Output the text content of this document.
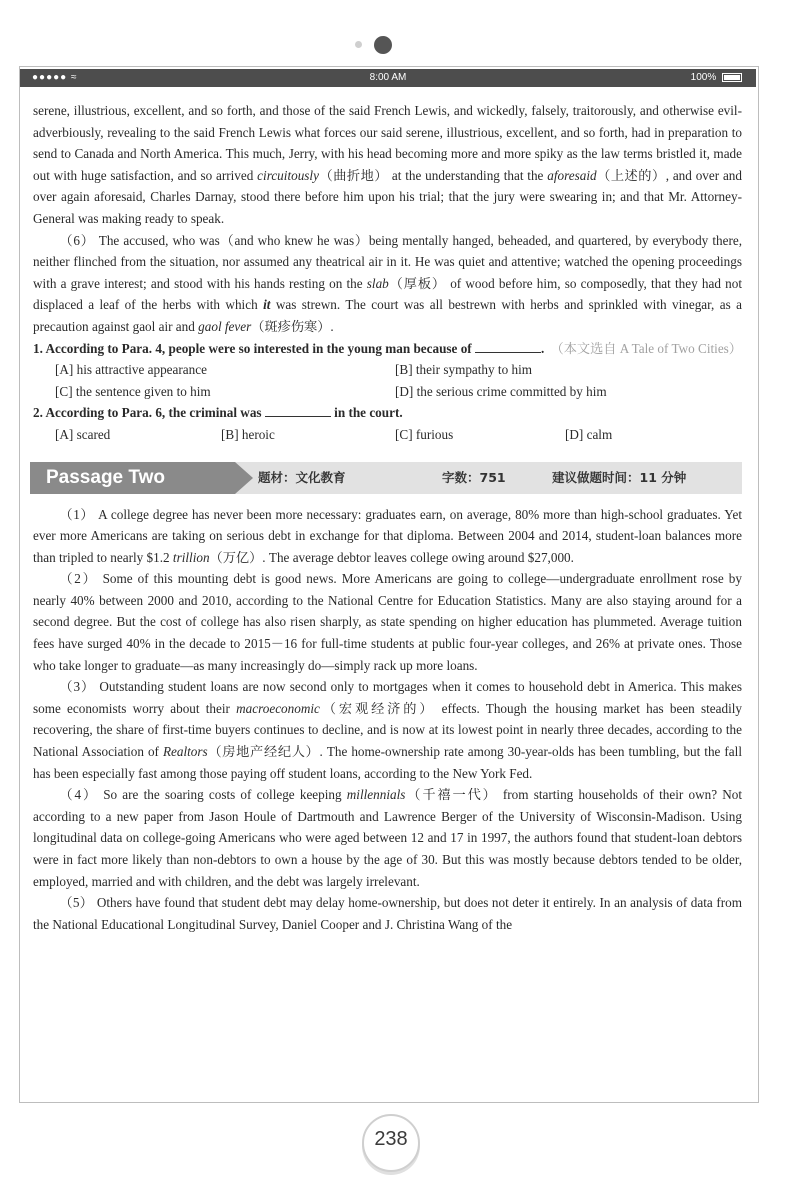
●●●●● ≈	8:00 AM	100%

serene, illustrious, excellent, and so forth, and those of the said French Lewis, and wickedly, falsely, traitorously, and otherwise evil-adverbiously, revealing to the said French Lewis what forces our said serene, illustrious, excellent, and so forth, had in preparation to send to Canada and North America. This much, Jerry, with his head becoming more and more spiky as the law terms bristled it, made out with huge satisfaction, and so arrived circuitously（曲折地） at the understanding that the aforesaid（上述的）, and over and over again aforesaid, Charles Darnay, stood there before him upon his trial; that the jury were swearing in; and that Mr. Attorney-General was making ready to speak.

（6） The accused, who was（and who knew he was）being mentally hanged, beheaded, and quartered, by everybody there, neither flinched from the situation, nor assumed any theatrical air in it. He was quiet and attentive; watched the opening proceedings with a grave interest; and stood with his hands resting on the slab（厚板） of wood before him, so composedly, that they had not displaced a leaf of the herbs with which it was strewn. The court was all bestrewn with herbs and sprinkled with vinegar, as a precaution against gaol air and gaol fever（斑疹伤寒）.

（本文选自 A Tale of Two Cities）

1. According to Para. 4, people were so interested in the young man because of	.

[A] his attractive appearance	[B] their sympathy to him
[C] the sentence given to him	[D] the serious crime committed by him

2. According to Para. 6, the criminal was	in the court.

[A] scared	[B] heroic	[C] furious	[D] calm
Passage Two	题材：文化教育	字数：751	建议做题时间：11 分钟

（1） A college degree has never been more necessary: graduates earn, on average, 80% more than high-school graduates. Yet ever more Americans are taking on serious debt in exchange for that diploma. Between 2004 and 2014, student-loan balances more than tripled to nearly $1.2 trillion（万亿）. The average debtor leaves college owing around $27,000.

（2） Some of this mounting debt is good news. More Americans are going to college—undergraduate enrollment rose by nearly 40% between 2000 and 2010, according to the National Centre for Education Statistics. Many are also staying around for a second degree. But the cost of college has also risen sharply, as state spending on higher education has plummeted. Average tuition fees have surged 40% in the decade to 2015－16 for full-time students at public four-year colleges, and 26% at private ones. Those who take longer to graduate—as many increasingly do—simply rack up more loans.

（3） Outstanding student loans are now second only to mortgages when it comes to household debt in America. This makes some economists worry about their macroeconomic（宏观经济的） effects. Though the housing market has been steadily recovering, the share of first-time buyers continues to decline, and is now at its lowest point in nearly three decades, according to the National Association of Realtors（房地产经纪人）. The home-ownership rate among 30-year-olds has been tumbling, but the fall has been especially fast among those paying off student loans, according to the New York Fed.

（4） So are the soaring costs of college keeping millennials（千禧一代） from starting households of their own? Not according to a new paper from Jason Houle of Dartmouth and Lawrence Berger of the University of Wisconsin-Madison. Using longitudinal data on college-going Americans who were aged between 12 and 17 in 1997, the authors found that student-loan debtors were in fact more likely than non-debtors to own a house by the age of 30. But this was mostly because debtors tended to be older, employed, married and with children, and the debt was largely irrelevant.

（5） Others have found that student debt may delay home-ownership, but does not deter it entirely. In an analysis of data from the National Educational Longitudinal Survey, Daniel Cooper and J. Christina Wang of the

238
